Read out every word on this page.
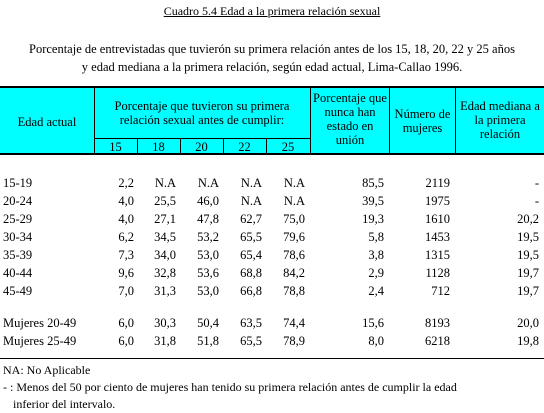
Cuadro 5.4 Edad a la primera relación sexual
Porcentaje de entrevistadas que tuvierón su primera relación antes de los 15, 18, 20, 22 y 25 años
y edad mediana a la primera relación, según edad actual, Lima-Callao 1996.
Edad actual
Porcentaje que tuvieron su primera relación sexual antes de cumplir:
15	18	20	22	25
Porcentaje que nunca han estado en unión
Número de mujeres
Edad mediana a la primera relación
15-19	2,2	N.A	N.A	N.A	N.A	85,5	2119	-
20-24	4,0	25,5	46,0	N.A	N.A	39,5	1975	-
25-29	4,0	27,1	47,8	62,7	75,0	19,3	1610	20,2
30-34	6,2	34,5	53,2	65,5	79,6	5,8	1453	19,5
35-39	7,3	34,0	53,0	65,4	78,6	3,8	1315	19,5
40-44	9,6	32,8	53,6	68,8	84,2	2,9	1128	19,7
45-49	7,0	31,3	53,0	66,8	78,8	2,4	712	19,7
Mujeres 20-49	6,0	30,3	50,4	63,5	74,4	15,6	8193	20,0
Mujeres 25-49	6,0	31,8	51,8	65,5	78,9	8,0	6218	19,8
NA: No Aplicable
- : Menos del 50 por ciento de mujeres han tenido su primera relación antes de cumplir la edad
inferior del intervalo.
